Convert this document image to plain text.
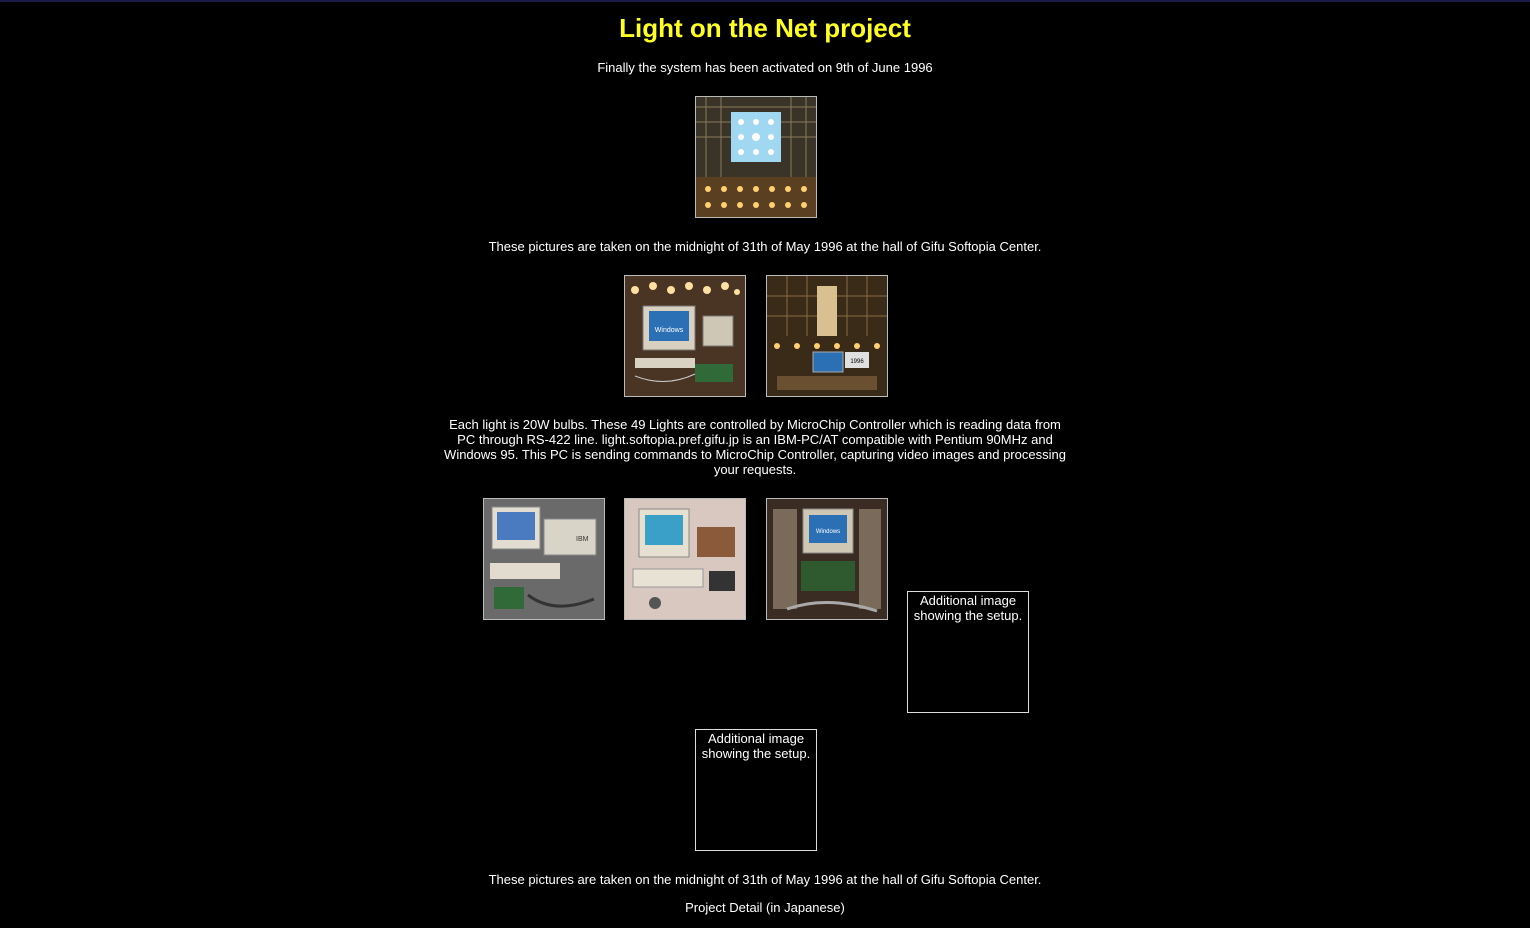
Light on the Net project
Finally the system has been activated on 9th of June 1996
These pictures are taken on the midnight of 31th of May 1996 at the hall of Gifu Softopia Center.
Windows
1996
Each light is 20W bulbs. These 49 Lights are controlled by MicroChip Controller which is reading data from PC through RS-422 line. light.softopia.pref.gifu.jp is an IBM-PC/AT compatible with Pentium 90MHz and Windows 95. This PC is sending commands to MicroChip Controller, capturing video images and processing your requests.
IBM
Windows
Additional image showing the setup.
Additional image showing the setup.
These pictures are taken on the midnight of 31th of May 1996 at the hall of Gifu Softopia Center.
Project Detail (in Japanese)
